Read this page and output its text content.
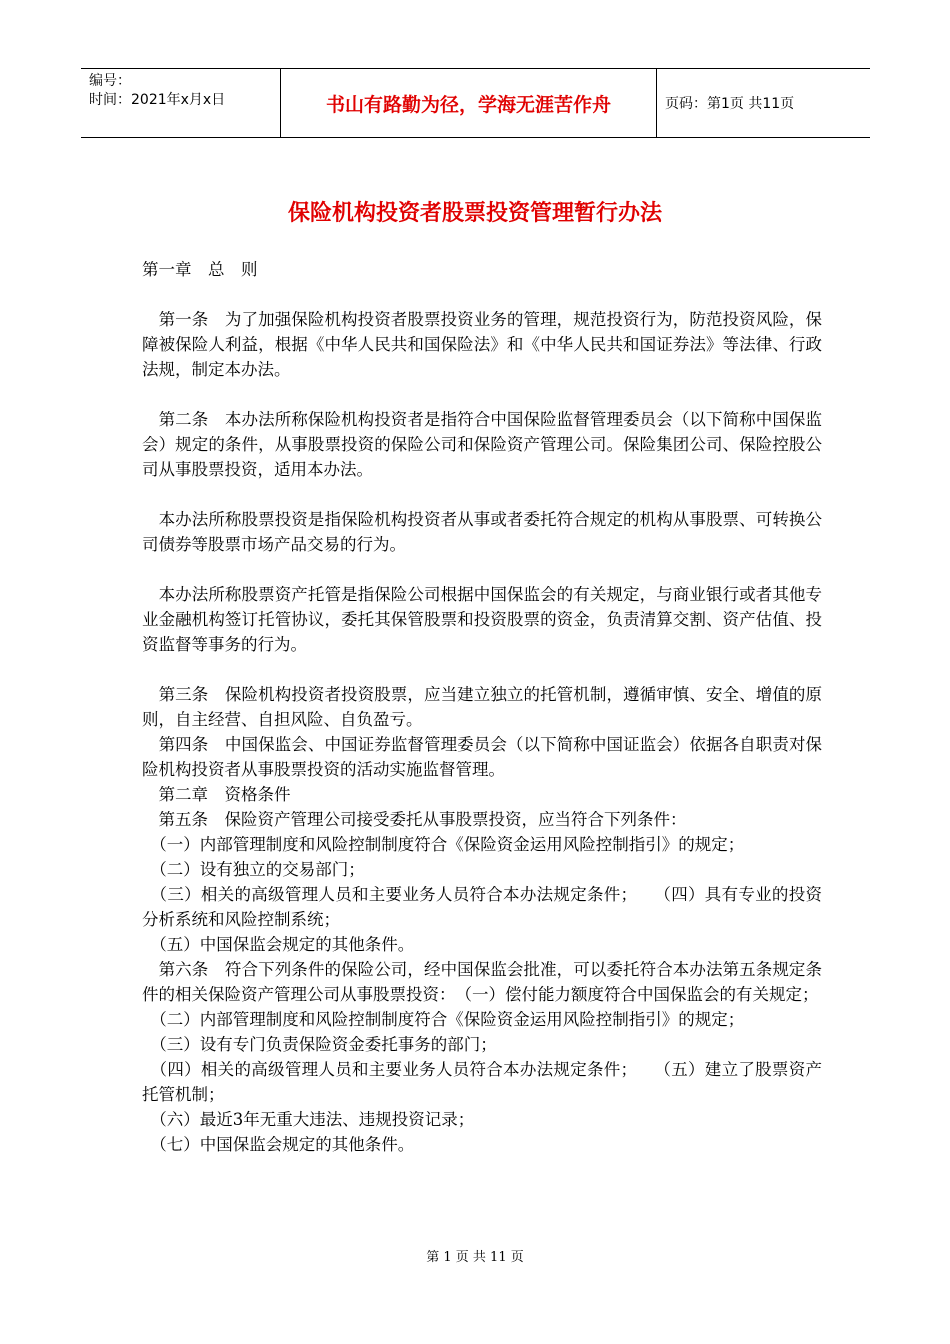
编号：
时间：2021年x月x日	书山有路勤为径，学海无涯苦作舟	页码：第1页 共11页
保险机构投资者股票投资管理暂行办法

第一章　总　则

　第一条　为了加强保险机构投资者股票投资业务的管理，规范投资行为，防范投资风险，保障被保险人利益，根据《中华人民共和国保险法》和《中华人民共和国证券法》等法律、行政法规，制定本办法。

　第二条　本办法所称保险机构投资者是指符合中国保险监督管理委员会（以下简称中国保监会）规定的条件，从事股票投资的保险公司和保险资产管理公司。保险集团公司、保险控股公司从事股票投资，适用本办法。

　本办法所称股票投资是指保险机构投资者从事或者委托符合规定的机构从事股票、可转换公司债券等股票市场产品交易的行为。

　本办法所称股票资产托管是指保险公司根据中国保监会的有关规定，与商业银行或者其他专业金融机构签订托管协议，委托其保管股票和投资股票的资金，负责清算交割、资产估值、投资监督等事务的行为。

　第三条　保险机构投资者投资股票，应当建立独立的托管机制，遵循审慎、安全、增值的原则，自主经营、自担风险、自负盈亏。

　第四条　中国保监会、中国证券监督管理委员会（以下简称中国证监会）依据各自职责对保险机构投资者从事股票投资的活动实施监督管理。

　第二章　资格条件

　第五条　保险资产管理公司接受委托从事股票投资，应当符合下列条件：

　（一）内部管理制度和风险控制制度符合《保险资金运用风险控制指引》的规定；

　（二）设有独立的交易部门；

　（三）相关的高级管理人员和主要业务人员符合本办法规定条件；　　（四）具有专业的投资分析系统和风险控制系统；

　（五）中国保监会规定的其他条件。

　第六条　符合下列条件的保险公司，经中国保监会批准，可以委托符合本办法第五条规定条件的相关保险资产管理公司从事股票投资：　（一）偿付能力额度符合中国保监会的有关规定；

　（二）内部管理制度和风险控制制度符合《保险资金运用风险控制指引》的规定；

　（三）设有专门负责保险资金委托事务的部门；

　（四）相关的高级管理人员和主要业务人员符合本办法规定条件；　　（五）建立了股票资产托管机制；

　（六）最近3年无重大违法、违规投资记录；

　（七）中国保监会规定的其他条件。

第 1 页 共 11 页
